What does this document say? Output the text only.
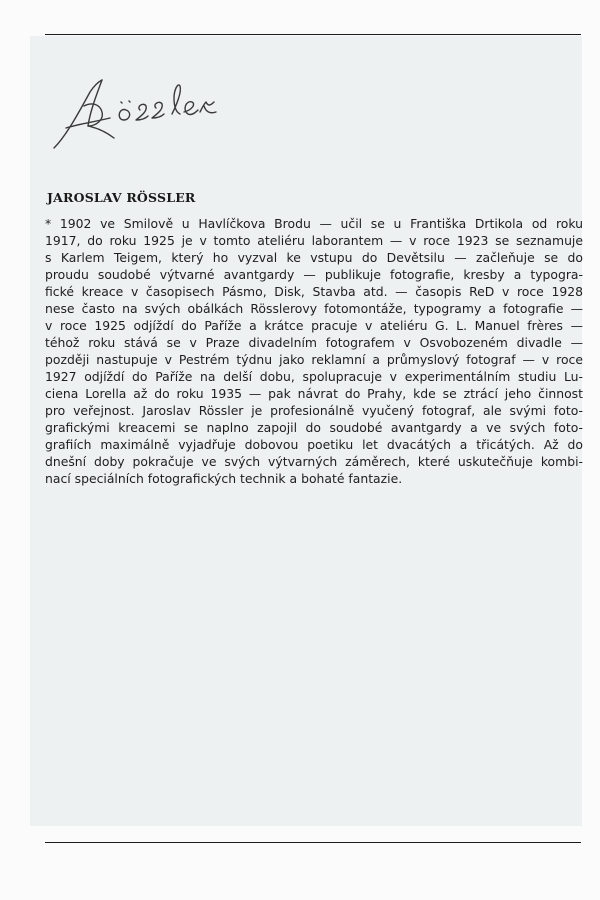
JAROSLAV RÖSSLER
* 1902 ve Smilově u Havlíčkova Brodu — učil se u Františka Drtikola od roku
1917, do roku 1925 je v tomto ateliéru laborantem — v roce 1923 se seznamuje
s Karlem Teigem, který ho vyzval ke vstupu do Devětsilu — začleňuje se do
proudu soudobé výtvarné avantgardy — publikuje fotografie, kresby a typogra-
fické kreace v časopisech Pásmo, Disk, Stavba atd. — časopis ReD v roce 1928
nese často na svých obálkách Rösslerovy fotomontáže, typogramy a fotografie —
v roce 1925 odjíždí do Paříže a krátce pracuje v ateliéru G. L. Manuel frères —
téhož roku stává se v Praze divadelním fotografem v Osvobozeném divadle —
později nastupuje v Pestrém týdnu jako reklamní a průmyslový fotograf — v roce
1927 odjíždí do Paříže na delší dobu, spolupracuje v experimentálním studiu Lu-
ciena Lorella až do roku 1935 — pak návrat do Prahy, kde se ztrácí jeho činnost
pro veřejnost. Jaroslav Rössler je profesionálně vyučený fotograf, ale svými foto-
grafickými kreacemi se naplno zapojil do soudobé avantgardy a ve svých foto-
grafiích maximálně vyjadřuje dobovou poetiku let dvacátých a třicátých. Až do
dnešní doby pokračuje ve svých výtvarných záměrech, které uskutečňuje kombi-
nací speciálních fotografických technik a bohaté fantazie.
